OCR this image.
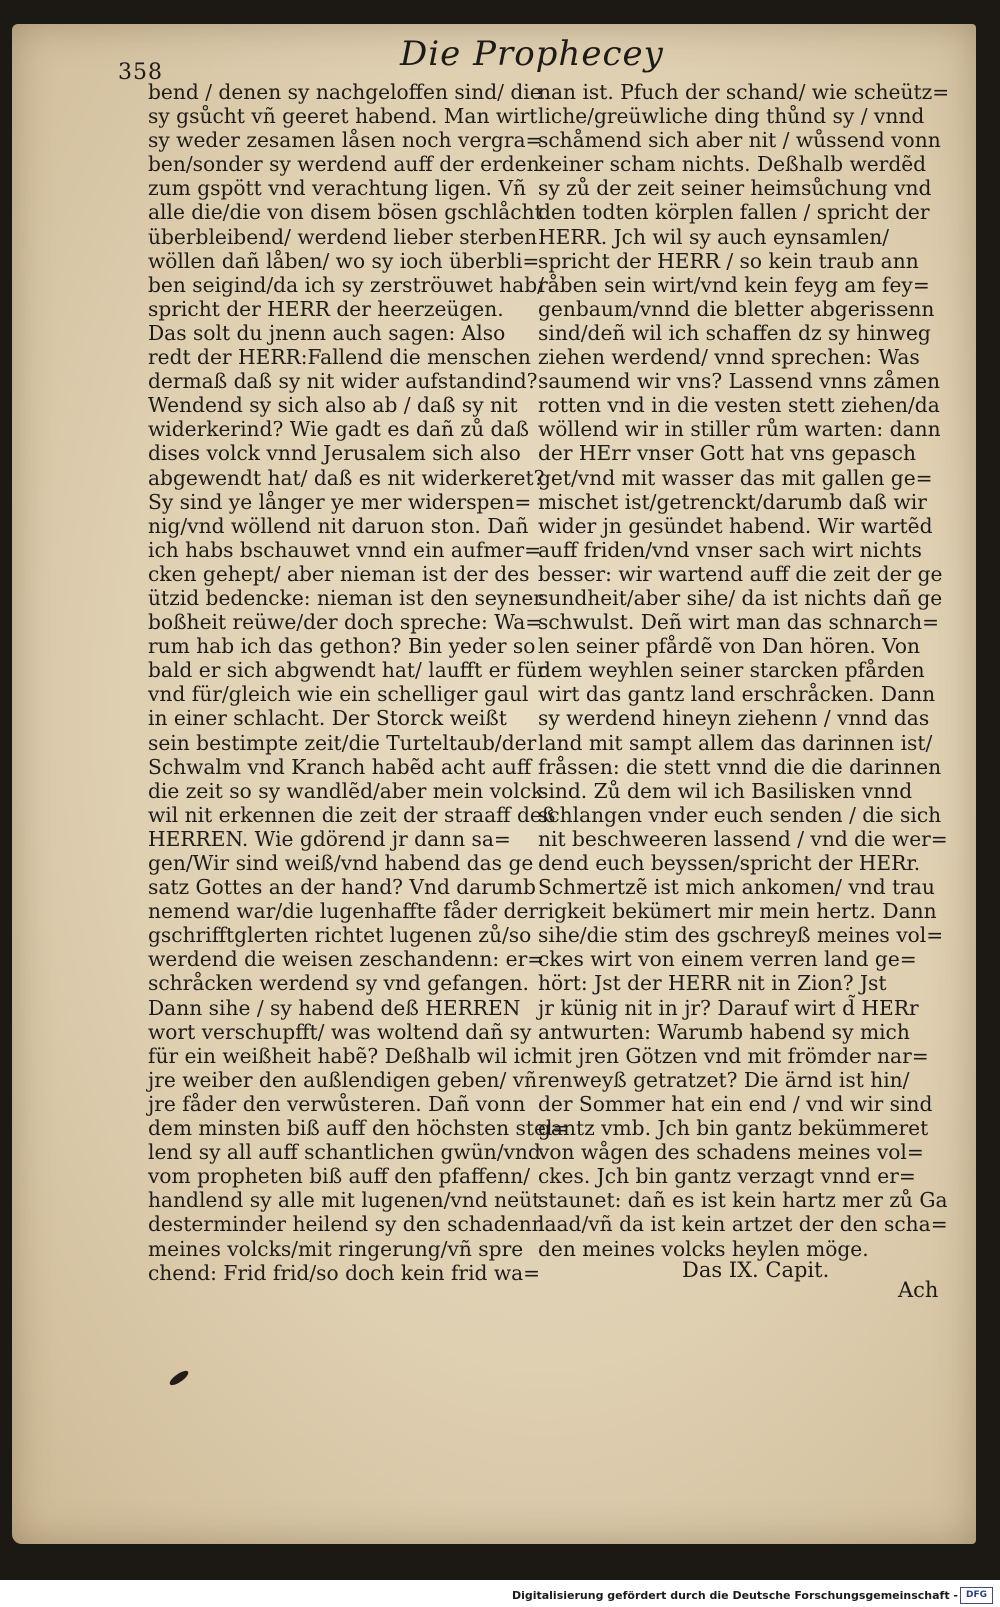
358	Die Prophecey
bend / denen sy nachgeloffen sind/ die
sy gsůcht vñ geeret habend. Man wirt
sy weder zesamen låsen noch vergra=
ben/sonder sy werdend auff der erden
zum gspött vnd verachtung ligen. Vñ
alle die/die von disem bösen gschlåcht
überbleibend/ werdend lieber sterben
wöllen dañ låben/ wo sy ioch überbli=
ben seigind/da ich sy zerströuwet hab/
spricht der HERR der heerzeügen.
Das solt du jnenn auch sagen: Also
redt der HERR:Fallend die menschen
dermaß daß sy nit wider aufstandind?
Wendend sy sich also ab / daß sy nit
widerkerind? Wie gadt es dañ zů daß
dises volck vnnd Jerusalem sich also
abgewendt hat/ daß es nit widerkeret?
Sy sind ye långer ye mer widerspen=
nig/vnd wöllend nit daruon ston. Dañ
ich habs bschauwet vnnd ein aufmer=
cken gehept/ aber nieman ist der des
ützid bedencke: nieman ist den seyner
boßheit reüwe/der doch spreche: Wa=
rum hab ich das gethon? Bin yeder so
bald er sich abgwendt hat/ laufft er für
vnd für/gleich wie ein schelliger gaul
in einer schlacht. Der Storck weißt
sein bestimpte zeit/die Turteltaub/der
Schwalm vnd Kranch habẽd acht auff
die zeit so sy wandlẽd/aber mein volck
wil nit erkennen die zeit der straaff deß
HERREN. Wie gdörend jr dann sa=
gen/Wir sind weiß/vnd habend das ge
satz Gottes an der hand? Vnd darumb
nemend war/die lugenhaffte fåder der
gschrifftglerten richtet lugenen zů/so
werdend die weisen zeschandenn: er=
schråcken werdend sy vnd gefangen.
Dann sihe / sy habend deß HERREN
wort verschupfft/ was woltend dañ sy
für ein weißheit habẽ? Deßhalb wil ich
jre weiber den außlendigen geben/ vñ
jre fåder den verwůsteren. Dañ vonn
dem minsten biß auff den höchsten stel=
lend sy all auff schantlichen gwün/vnd
vom propheten biß auff den pfaffenn/
handlend sy alle mit lugenen/vnd neüt
desterminder heilend sy den schadenn
meines volcks/mit ringerung/vñ spre
chend: Frid frid/so doch kein frid wa=
nan ist. Pfuch der schand/ wie scheütz=
liche/greüwliche ding thůnd sy / vnnd
schåmend sich aber nit / wůssend vonn
keiner scham nichts. Deßhalb werdẽd
sy zů der zeit seiner heimsůchung vnd
den todten körplen fallen / spricht der
HERR. Jch wil sy auch eynsamlen/
spricht der HERR / so kein traub ann
råben sein wirt/vnd kein feyg am fey=
genbaum/vnnd die bletter abgerissenn
sind/deñ wil ich schaffen dz sy hinweg
ziehen werdend/ vnnd sprechen: Was
saumend wir vns? Lassend vnns zåmen
rotten vnd in die vesten stett ziehen/da
wöllend wir in stiller rům warten: dann
der HErr vnser Gott hat vns gepasch
get/vnd mit wasser das mit gallen ge=
mischet ist/getrenckt/darumb daß wir
wider jn gesündet habend. Wir wartẽd
auff friden/vnd vnser sach wirt nichts
besser: wir wartend auff die zeit der ge
sundheit/aber sihe/ da ist nichts dañ ge
schwulst. Deñ wirt man das schnarch=
len seiner pfårdẽ von Dan hören. Von
dem weyhlen seiner starcken pfården
wirt das gantz land erschråcken. Dann
sy werdend hineyn ziehenn / vnnd das
land mit sampt allem das darinnen ist/
fråssen: die stett vnnd die die darinnen
sind. Zů dem wil ich Basilisken vnnd
schlangen vnder euch senden / die sich
nit beschweeren lassend / vnd die wer=
dend euch beyssen/spricht der HERr.
Schmertzẽ ist mich ankomen/ vnd trau
rigkeit bekümert mir mein hertz. Dann
sihe/die stim des gschreyß meines vol=
ckes wirt von einem verren land ge=
hört: Jst der HERR nit in Zion? Jst
jr künig nit in jr? Darauf wirt d̃ HERr
antwurten: Warumb habend sy mich
mit jren Götzen vnd mit frömder nar=
renweyß getratzet? Die ärnd ist hin/
der Sommer hat ein end / vnd wir sind
gantz vmb. Jch bin gantz bekümmeret
von wågen des schadens meines vol=
ckes. Jch bin gantz verzagt vnnd er=
staunet: dañ es ist kein hartz mer zů Ga
laad/vñ da ist kein artzet der den scha=
den meines volcks heylen möge.
Das IX. Capit.
Ach
Digitalisierung gefördert durch die Deutsche Forschungsgemeinschaft - DFG
